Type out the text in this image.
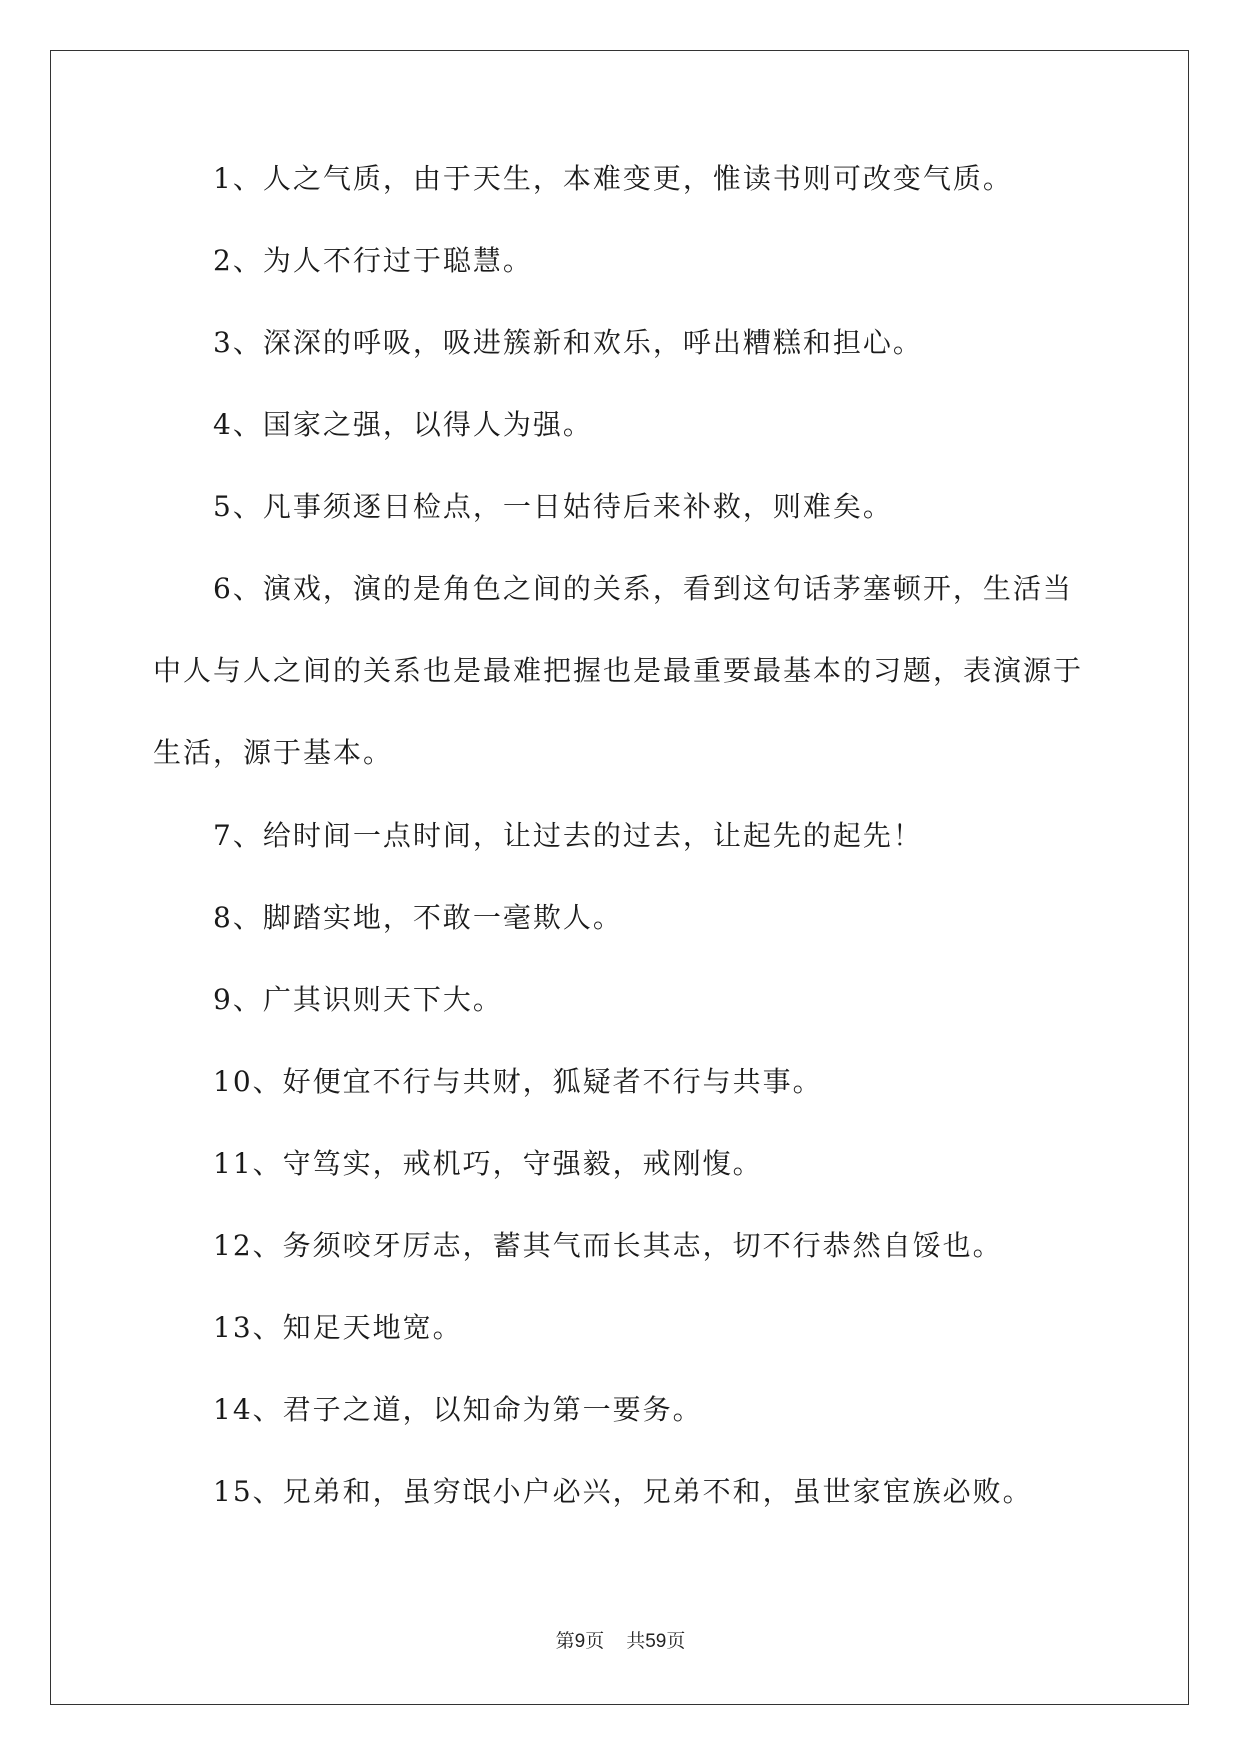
1、人之气质，由于天生，本难变更，惟读书则可改变气质。

2、为人不行过于聪慧。

3、深深的呼吸，吸进簇新和欢乐，呼出糟糕和担心。

4、国家之强，以得人为强。

5、凡事须逐日检点，一日姑待后来补救，则难矣。

6、演戏，演的是角色之间的关系，看到这句话茅塞顿开，生活当中人与人之间的关系也是最难把握也是最重要最基本的习题，表演源于生活，源于基本。

7、给时间一点时间，让过去的过去，让起先的起先！

8、脚踏实地，不敢一毫欺人。

9、广其识则天下大。

10、好便宜不行与共财，狐疑者不行与共事。

11、守笃实，戒机巧，守强毅，戒刚愎。

12、务须咬牙厉志，蓄其气而长其志，切不行恭然自馁也。

13、知足天地宽。

14、君子之道，以知命为第一要务。

15、兄弟和，虽穷氓小户必兴，兄弟不和，虽世家宦族必败。

第9页 共59页
